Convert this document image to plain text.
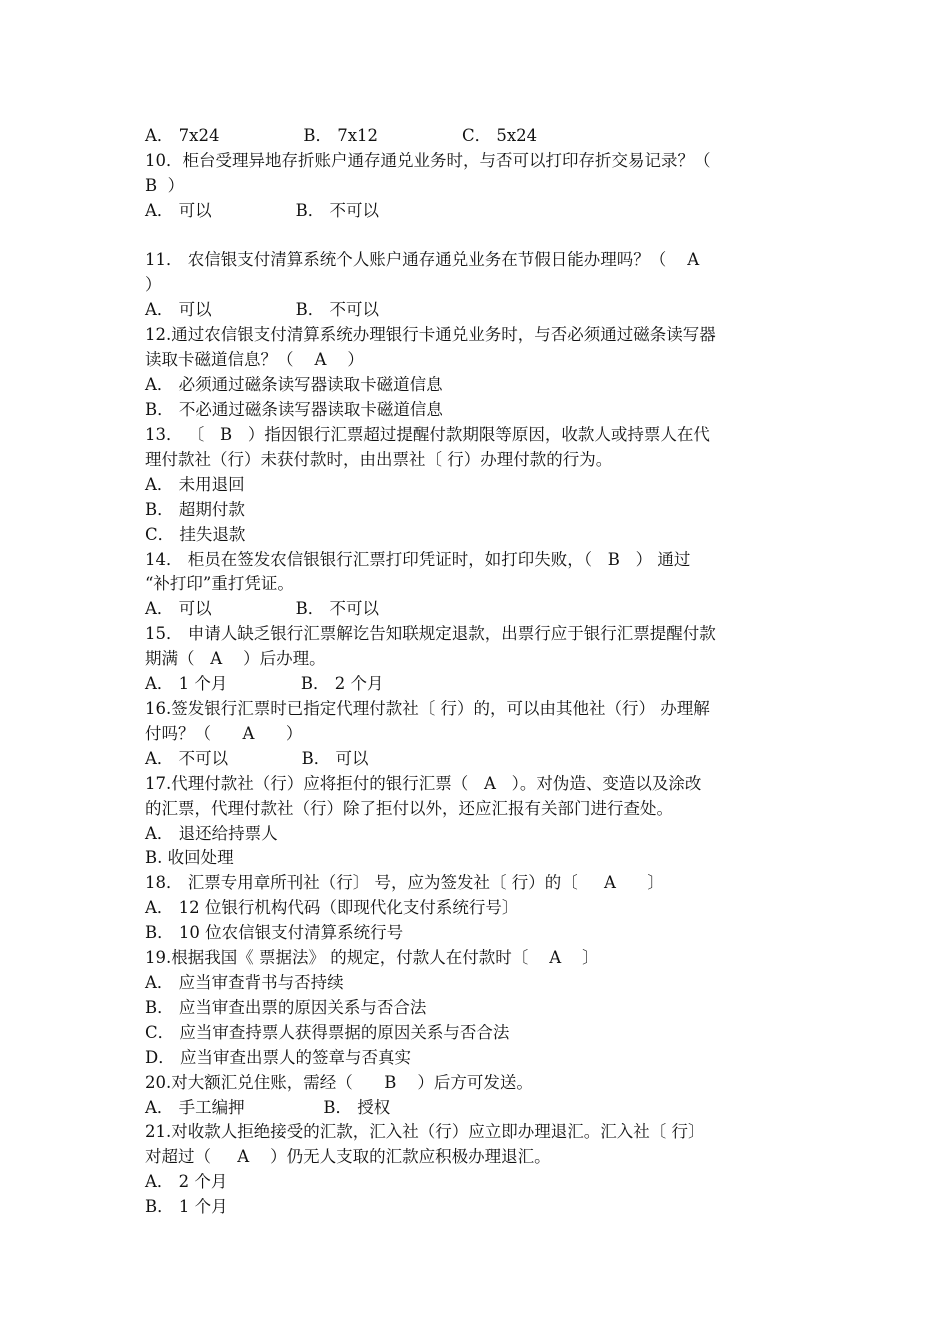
A． 7x24                B． 7x12                C． 5x24
10．柜台受理异地存折账户通存通兑业务时，与否可以打印存折交易记录？（
B  ）
A． 可以                B． 不可以
11． 农信银支付清算系统个人账户通存通兑业务在节假日能办理吗？（    A
）
A． 可以                B． 不可以
12.通过农信银支付清算系统办理银行卡通兑业务时，与否必须通过磁条读写器
读取卡磁道信息？（    A    ）
A． 必须通过磁条读写器读取卡磁道信息
B． 不必通过磁条读写器读取卡磁道信息
13． 〔   B   ）指因银行汇票超过提醒付款期限等原因，收款人或持票人在代
理付款社（行）未获付款时，由出票社〔 行）办理付款的行为。
A． 未用退回
B． 超期付款
C． 挂失退款
14． 柜员在签发农信银银行汇票打印凭证时，如打印失败，（   B   ） 通过
“补打印”重打凭证。
A． 可以                B． 不可以
15． 申请人缺乏银行汇票解讫告知联规定退款，出票行应于银行汇票提醒付款
期满（   A    ）后办理。
A． 1 个月              B． 2 个月
16.签发银行汇票时已指定代理付款社〔 行）的，可以由其他社（行） 办理解
付吗？（      A      ）
A． 不可以              B． 可以
17.代理付款社（行）应将拒付的银行汇票（   A   ）。对伪造、变造以及涂改
的汇票，代理付款社（行）除了拒付以外，还应汇报有关部门进行查处。
A． 退还给持票人
B. 收回处理
18． 汇票专用章所刊社（行〕 号，应为签发社〔 行）的〔     A      〕
A． 12 位银行机构代码（即现代化支付系统行号〕
B． 10 位农信银支付清算系统行号
19.根据我国《 票据法》 的规定，付款人在付款时〔    A    〕
A． 应当审查背书与否持续
B． 应当审查出票的原因关系与否合法
C． 应当审查持票人获得票据的原因关系与否合法
D． 应当审查出票人的签章与否真实
20.对大额汇兑住账，需经（      B    ）后方可发送。
A． 手工编押               B． 授权
21.对收款人拒绝接受的汇款，汇入社（行）应立即办理退汇。汇入社〔 行〕
对超过（     A    ）仍无人支取的汇款应积极办理退汇。
A． 2 个月
B． 1 个月
